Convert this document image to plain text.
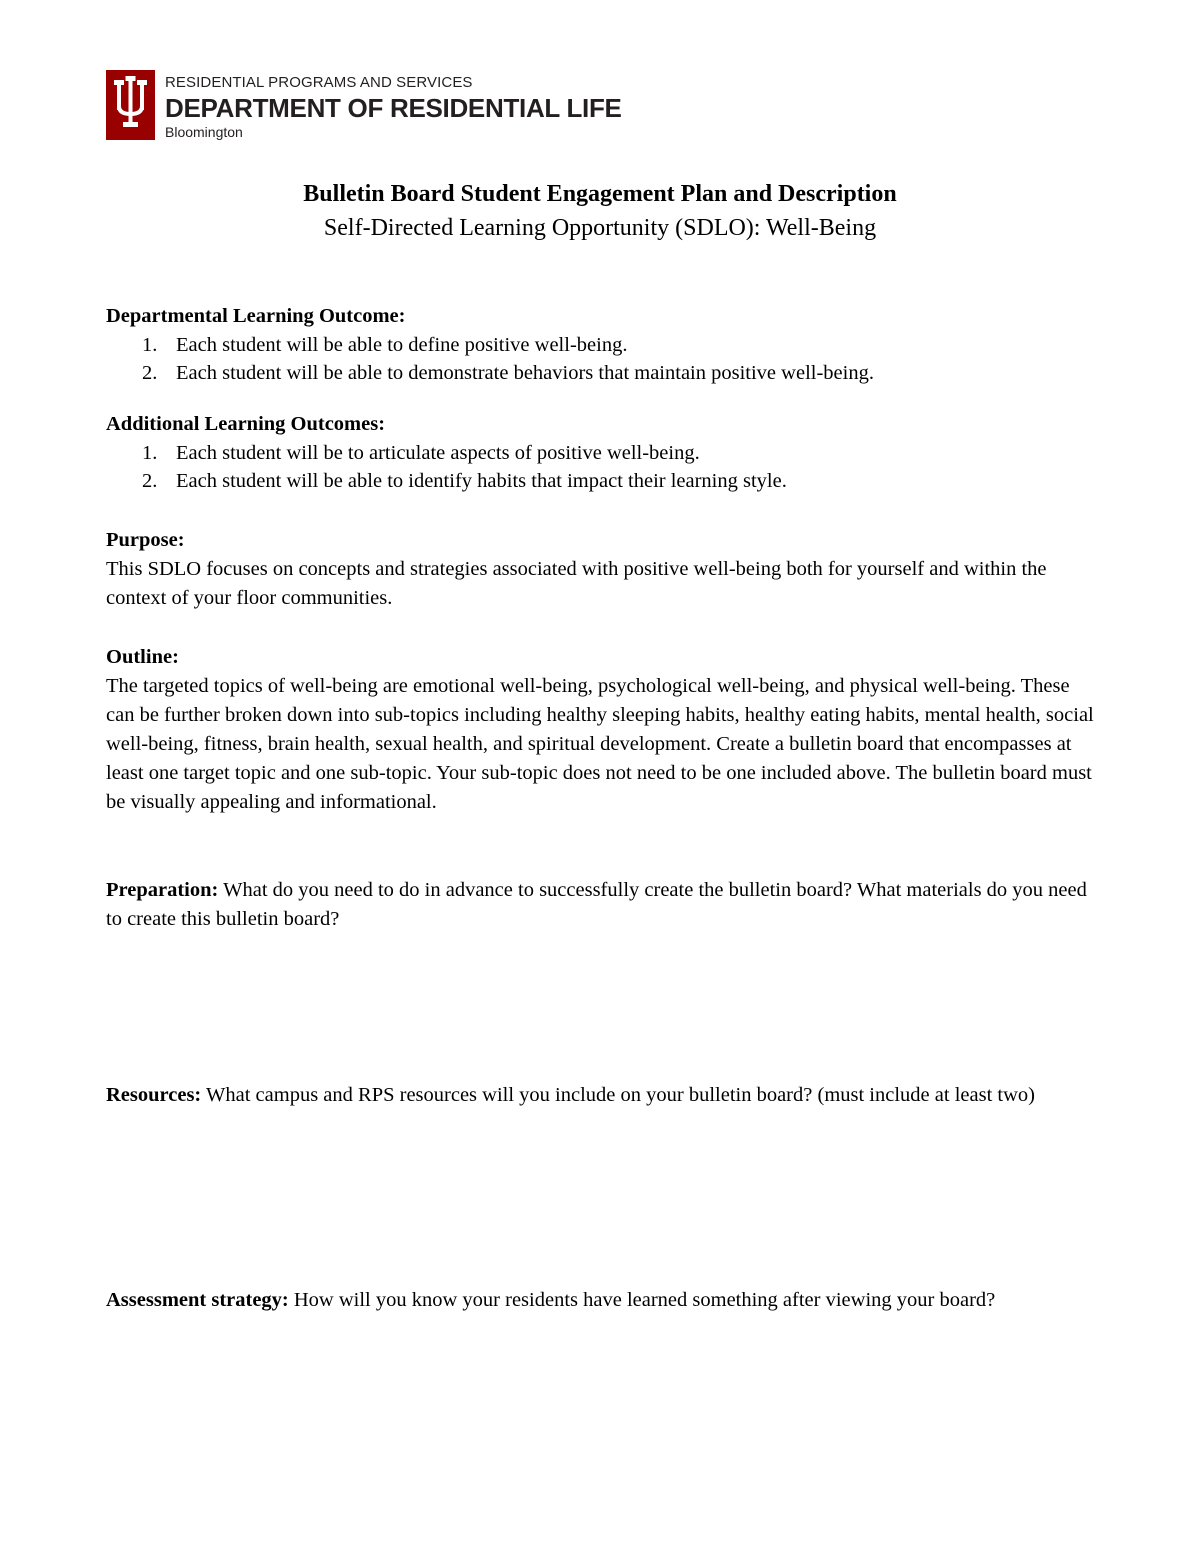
RESIDENTIAL PROGRAMS AND SERVICES
DEPARTMENT OF RESIDENTIAL LIFE
Bloomington
Bulletin Board Student Engagement Plan and Description
Self-Directed Learning Opportunity (SDLO): Well-Being
Departmental Learning Outcome:
1. Each student will be able to define positive well-being.
2. Each student will be able to demonstrate behaviors that maintain positive well-being.
Additional Learning Outcomes:
1. Each student will be to articulate aspects of positive well-being.
2. Each student will be able to identify habits that impact their learning style.
Purpose:

This SDLO focuses on concepts and strategies associated with positive well-being both for yourself and within the context of your floor communities.

Outline:

The targeted topics of well-being are emotional well-being, psychological well-being, and physical well-being. These can be further broken down into sub-topics including healthy sleeping habits, healthy eating habits, mental health, social well-being, fitness, brain health, sexual health, and spiritual development. Create a bulletin board that encompasses at least one target topic and one sub-topic. Your sub-topic does not need to be one included above. The bulletin board must be visually appealing and informational.

Preparation: What do you need to do in advance to successfully create the bulletin board? What materials do you need to create this bulletin board?

Resources: What campus and RPS resources will you include on your bulletin board? (must include at least two)

Assessment strategy: How will you know your residents have learned something after viewing your board?
